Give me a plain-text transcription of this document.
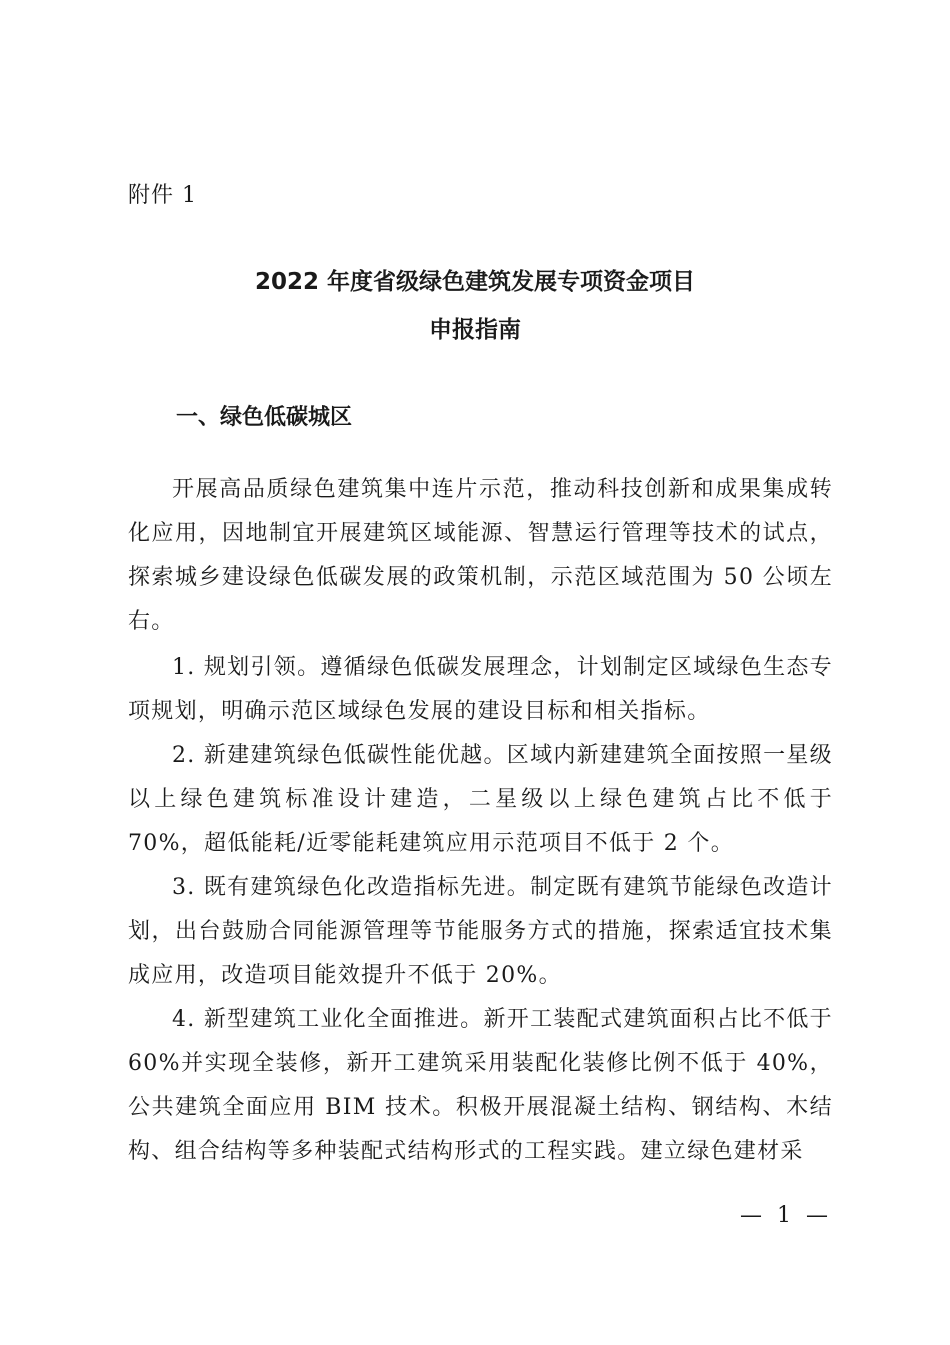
附件 1
2022 年度省级绿色建筑发展专项资金项目
申报指南
一、绿色低碳城区

开展高品质绿色建筑集中连片示范，推动科技创新和成果集成转化应用，因地制宜开展建筑区域能源、智慧运行管理等技术的试点，探索城乡建设绿色低碳发展的政策机制，示范区域范围为 50 公顷左右。

1. 规划引领。遵循绿色低碳发展理念，计划制定区域绿色生态专项规划，明确示范区域绿色发展的建设目标和相关指标。

2. 新建建筑绿色低碳性能优越。区域内新建建筑全面按照一星级以上绿色建筑标准设计建造，二星级以上绿色建筑占比不低于 70%，超低能耗/近零能耗建筑应用示范项目不低于 2 个。

3. 既有建筑绿色化改造指标先进。制定既有建筑节能绿色改造计划，出台鼓励合同能源管理等节能服务方式的措施，探索适宜技术集成应用，改造项目能效提升不低于 20%。

4. 新型建筑工业化全面推进。新开工装配式建筑面积占比不低于 60%并实现全装修，新开工建筑采用装配化装修比例不低于 40%，公共建筑全面应用 BIM 技术。积极开展混凝土结构、钢结构、木结构、组合结构等多种装配式结构形式的工程实践。建立绿色建材采

— 1 —
